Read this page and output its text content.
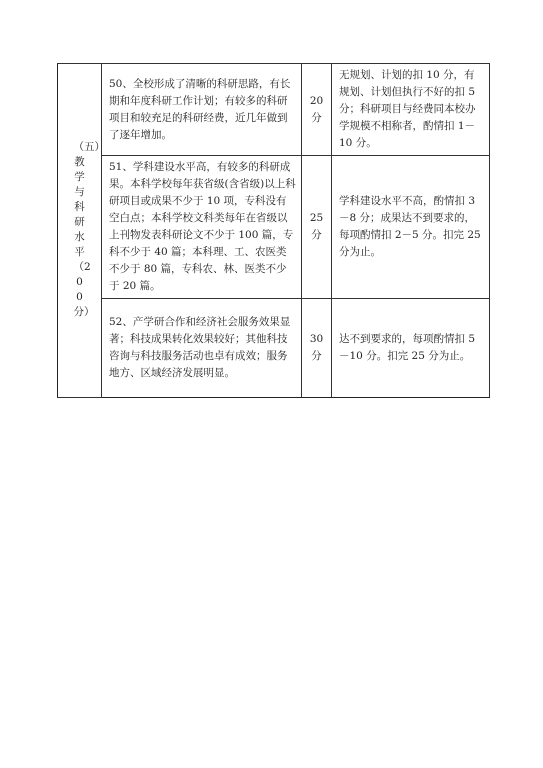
（五）教学与科研水平（200分）	50、全校形成了清晰的科研思路，有长期和年度科研工作计划；有较多的科研项目和较充足的科研经费，近几年做到了逐年增加。	20 分	无规划、计划的扣 10 分，有规划、计划但执行不好的扣 5 分；科研项目与经费同本校办学规模不相称者，酌情扣 1－10 分。
	51、学科建设水平高，有较多的科研成果。本科学校每年获省级(含省级)以上科研项目或成果不少于 10 项，专科没有空白点；本科学校文科类每年在省级以上刊物发表科研论文不少于 100 篇，专科不少于 40 篇；本科理、工、农医类不少于 80 篇，专科农、林、医类不少于 20 篇。	25 分	学科建设水平不高，酌情扣 3－8 分；成果达不到要求的，每项酌情扣 2－5 分。扣完 25 分为止。
	52、产学研合作和经济社会服务效果显著；科技成果转化效果较好；其他科技咨询与科技服务活动也卓有成效；服务地方、区域经济发展明显。	30 分	达不到要求的，每项酌情扣 5－10 分。扣完 25 分为止。
